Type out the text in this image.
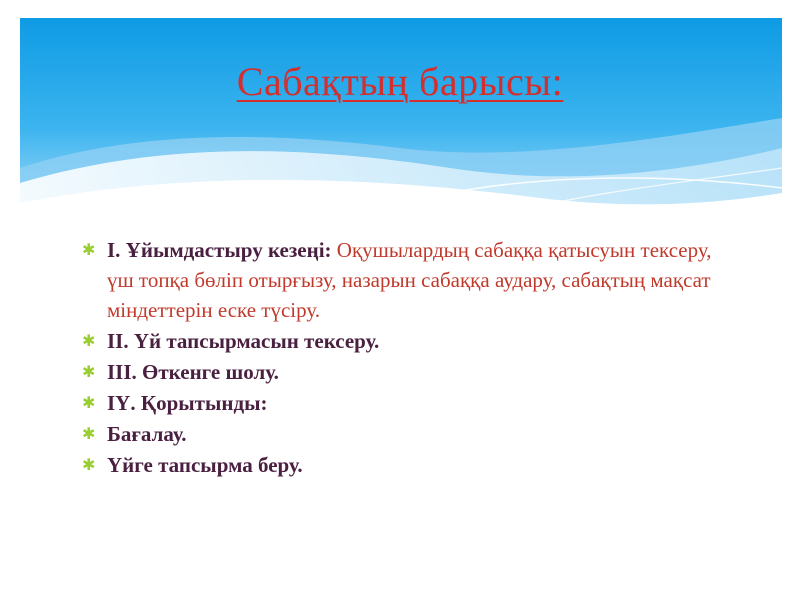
Сабақтың барысы:
✱ І. Ұйымдастыру кезеңі: Оқушылардың сабаққа қатысуын тексеру, үш топқа бөліп отырғызу, назарын сабаққа аудару, сабақтың мақсат міндеттерін еске түсіру.
✱ ІІ. Үй тапсырмасын тексеру.
✱ ІІІ. Өткенге шолу.
✱ ІҮ. Қорытынды:
✱ Бағалау.
✱ Үйге тапсырма беру.
